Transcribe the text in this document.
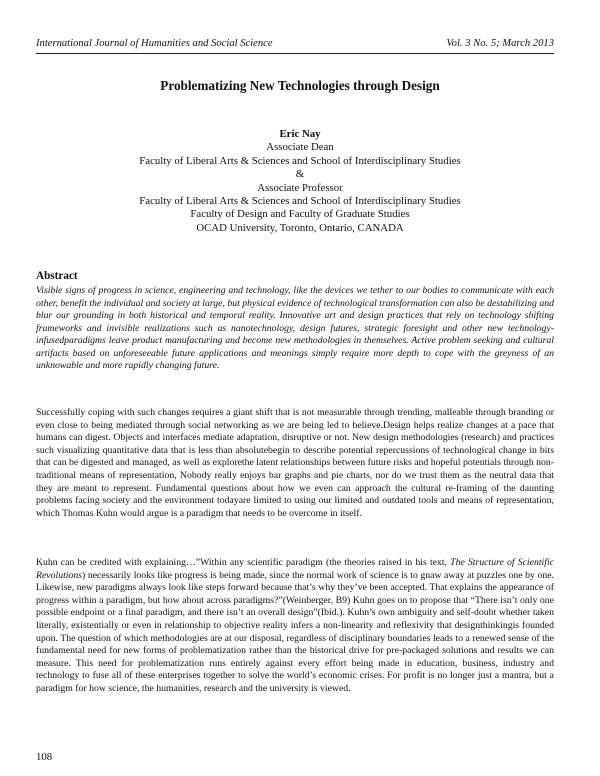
International Journal of Humanities and Social Science	Vol. 3 No. 5; March 2013
Problematizing New Technologies through Design
Eric Nay
Associate Dean
Faculty of Liberal Arts & Sciences and School of Interdisciplinary Studies
&
Associate Professor
Faculty of Liberal Arts & Sciences and School of Interdisciplinary Studies
Faculty of Design and Faculty of Graduate Studies
OCAD University, Toronto, Ontario, CANADA
Abstract

Visible signs of progress in science, engineering and technology, like the devices we tether to our bodies to communicate with each other, benefit the individual and society at large, but physical evidence of technological transformation can also be destabilizing and blur our grounding in both historical and temporal reality. Innovative art and design practices that rely on technology shifting frameworks and invisible realizations such as nanotechnology, design futures, strategic foresight and other new technology-infusedparadigms leave product manufacturing and become new methodologies in themselves. Active problem seeking and cultural artifacts based on unforeseeable future applications and meanings simply require more depth to cope with the greyness of an unknowable and more rapidly changing future.

Successfully coping with such changes requires a giant shift that is not measurable through trending, malleable through branding or even close to being mediated through social networking as we are being led to believe.Design helps realize changes at a pace that humans can digest. Objects and interfaces mediate adaptation, disruptive or not. New design methodologies (research) and practices such visualizing quantitative data that is less than absolutebegin to describe potential repercussions of technological change in bits that can be digested and managed, as well as explorethe latent relationships between future risks and hopeful potentials through non-traditional means of representation, Nobody really enjoys bar graphs and pie charts, nor do we trust them as the neutral data that they are meant to represent. Fundamental questions about how we even can approach the cultural re-framing of the daunting problems facing society and the environment todayare limited to using our limited and outdated tools and means of representation, which Thomas Kuhn would argue is a paradigm that needs to be overcome in itself.

Kuhn can be credited with explaining…”Within any scientific paradigm (the theories raised in his text, The Structure of Scientific Revolutions) necessarily looks like progress is being made, since the normal work of science is to gnaw away at puzzles one by one. Likewise, new paradigms always look like steps forward because that’s why they’ve been accepted. That explains the appearance of progress within a paradigm, but how about across paradigms?”(Weinberger, B9) Kuhn goes on to propose that “There isn’t only one possible endpoint or a final paradigm, and there isn’t an overall design”(Ibid.). Kuhn’s own ambiguity and self-doubt whether taken literally, existentially or even in relationship to objective reality infers a non-linearity and reflexivity that designthinkingis founded upon. The question of which methodologies are at our disposal, regardless of disciplinary boundaries leads to a renewed sense of the fundamental need for new forms of problematization rather than the historical drive for pre-packaged solutions and results we can measure. This need for problematization runs entirely against every effort being made in education, business, industry and technology to fuse all of these enterprises together to solve the world’s economic crises. For profit is no longer just a mantra, but a paradigm for how science, the humanities, research and the university is viewed.

108
